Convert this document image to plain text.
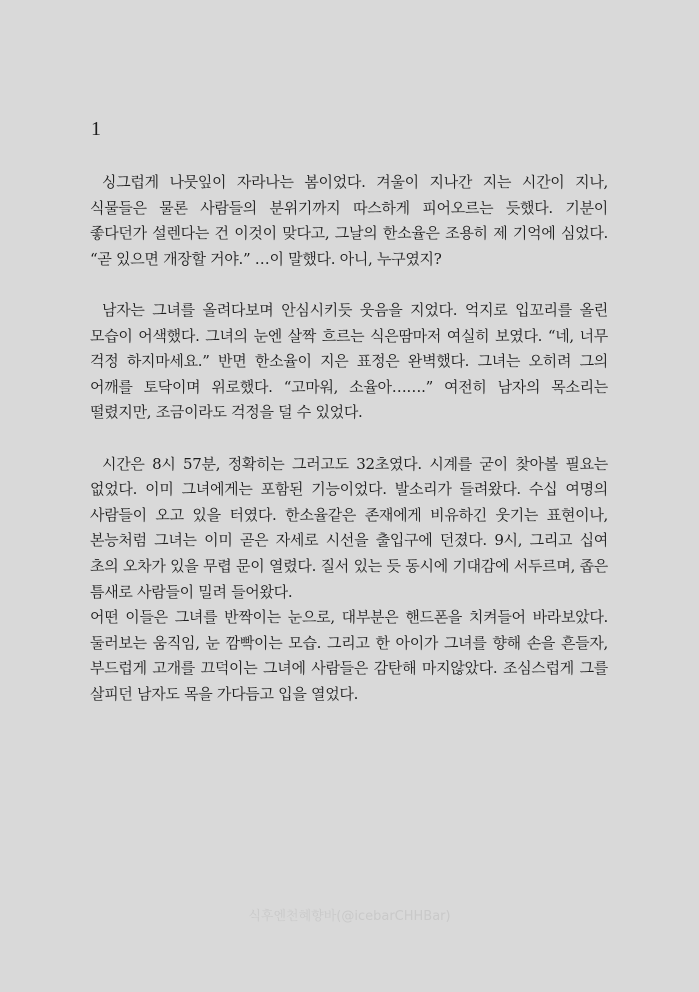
1

싱그럽게 나뭇잎이 자라나는 봄이었다. 겨울이 지나간 지는 시간이 지나, 식물들은 물론 사람들의 분위기까지 따스하게 피어오르는 듯했다. 기분이 좋다던가 설렌다는 건 이것이 맞다고, 그날의 한소율은 조용히 제 기억에 심었다. “곧 있으면 개장할 거야.” …이 말했다. 아니, 누구였지?

남자는 그녀를 올려다보며 안심시키듯 웃음을 지었다. 억지로 입꼬리를 올린 모습이 어색했다. 그녀의 눈엔 살짝 흐르는 식은땀마저 여실히 보였다. “네, 너무 걱정 하지마세요.” 반면 한소율이 지은 표정은 완벽했다. 그녀는 오히려 그의 어깨를 토닥이며 위로했다. “고마워, 소율아…….” 여전히 남자의 목소리는 떨렸지만, 조금이라도 걱정을 덜 수 있었다.

시간은 8시 57분, 정확히는 그러고도 32초였다. 시계를 굳이 찾아볼 필요는 없었다. 이미 그녀에게는 포함된 기능이었다. 발소리가 들려왔다. 수십 여명의 사람들이 오고 있을 터였다. 한소율같은 존재에게 비유하긴 웃기는 표현이나, 본능처럼 그녀는 이미 곧은 자세로 시선을 출입구에 던졌다. 9시, 그리고 십여 초의 오차가 있을 무렵 문이 열렸다. 질서 있는 듯 동시에 기대감에 서두르며, 좁은 틈새로 사람들이 밀려 들어왔다.

어떤 이들은 그녀를 반짝이는 눈으로, 대부분은 핸드폰을 치켜들어 바라보았다. 둘러보는 움직임, 눈 깜빡이는 모습. 그리고 한 아이가 그녀를 향해 손을 흔들자, 부드럽게 고개를 끄덕이는 그녀에 사람들은 감탄해 마지않았다. 조심스럽게 그를 살피던 남자도 목을 가다듬고 입을 열었다.

식후엔천혜향바(@icebarCHHBar)
